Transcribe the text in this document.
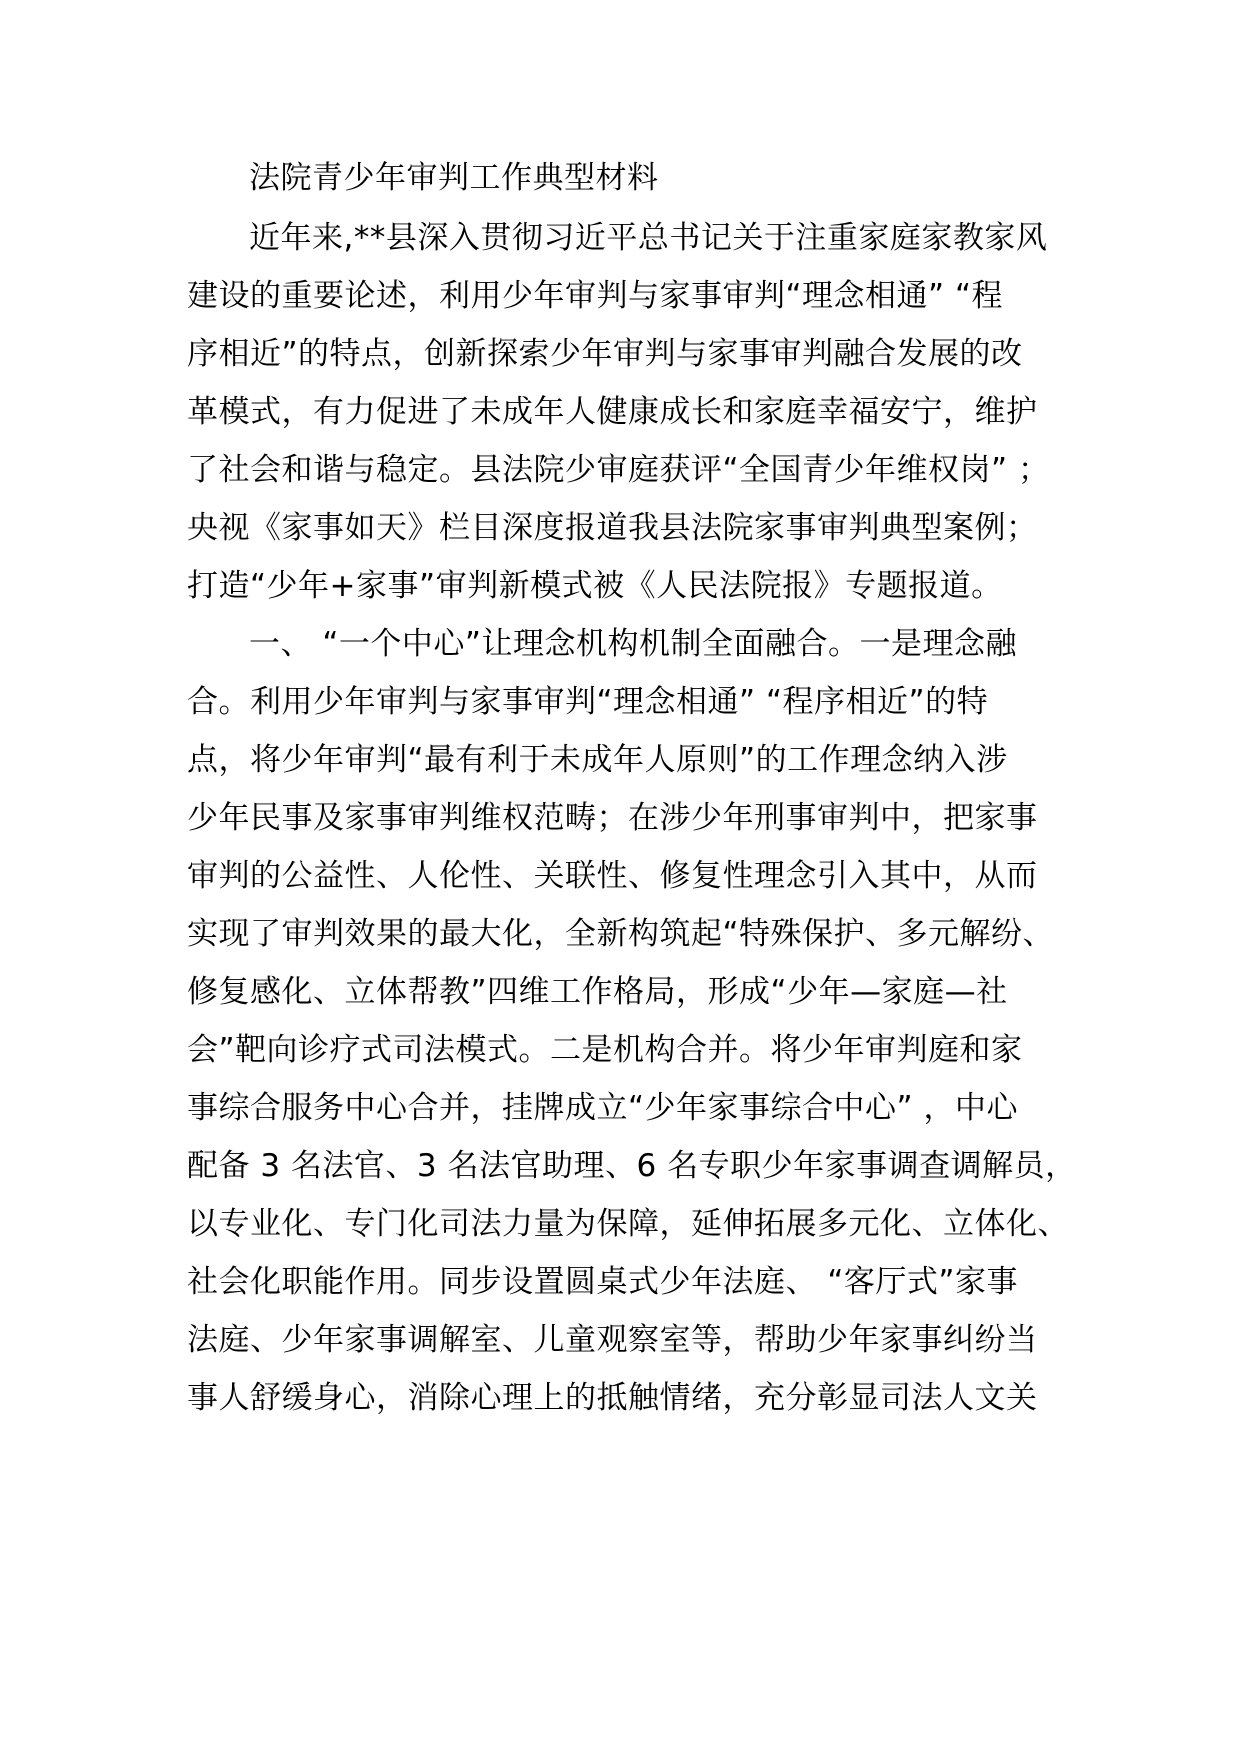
法院青少年审判工作典型材料
近年来,**县深入贯彻习近平总书记关于注重家庭家教家风
建设的重要论述，利用少年审判与家事审判“理念相通” “程
序相近”的特点，创新探索少年审判与家事审判融合发展的改
革模式，有力促进了未成年人健康成长和家庭幸福安宁，维护
了社会和谐与稳定。县法院少审庭获评“全国青少年维权岗” ；
央视《家事如天》栏目深度报道我县法院家事审判典型案例；
打造“少年+家事”审判新模式被《人民法院报》专题报道。
一、 “一个中心”让理念机构机制全面融合。一是理念融
合。利用少年审判与家事审判“理念相通” “程序相近”的特
点，将少年审判“最有利于未成年人原则”的工作理念纳入涉
少年民事及家事审判维权范畴；在涉少年刑事审判中，把家事
审判的公益性、人伦性、关联性、修复性理念引入其中，从而
实现了审判效果的最大化，全新构筑起“特殊保护、多元解纷、
修复感化、立体帮教”四维工作格局，形成“少年—家庭—社
会”靶向诊疗式司法模式。二是机构合并。将少年审判庭和家
事综合服务中心合并，挂牌成立“少年家事综合中心” ，中心
配备 3 名法官、3 名法官助理、6 名专职少年家事调查调解员，
以专业化、专门化司法力量为保障，延伸拓展多元化、立体化、
社会化职能作用。同步设置圆桌式少年法庭、 “客厅式”家事
法庭、少年家事调解室、儿童观察室等，帮助少年家事纠纷当
事人舒缓身心，消除心理上的抵触情绪，充分彰显司法人文关
